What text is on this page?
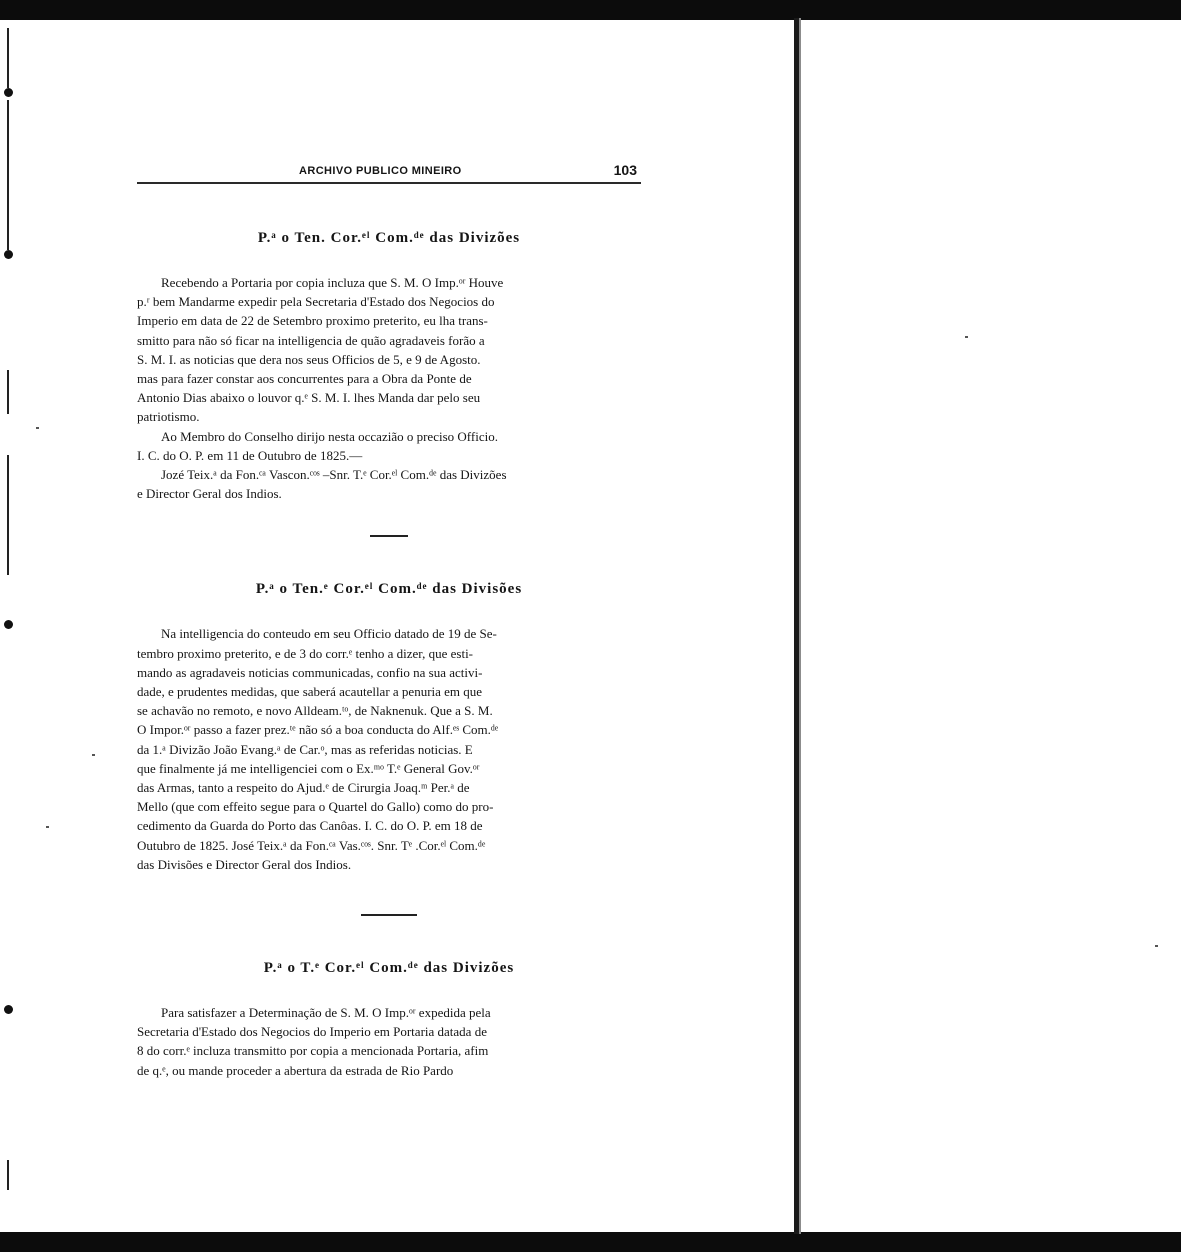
ARCHIVO PUBLICO MINEIRO	103
P.ᵃ o Ten. Cor.ᵉˡ Com.ᵈᵉ das Divizões
Recebendo a Portaria por copia incluza que S. M. O Imp.ᵒʳ Houve
p.ʳ bem Mandarme expedir pela Secretaria d'Estado dos Negocios do
Imperio em data de 22 de Setembro proximo preterito, eu lha trans-
smitto para não só ficar na intelligencia de quão agradaveis forão a
S. M. I. as noticias que dera nos seus Officios de 5, e 9 de Agosto.
mas para fazer constar aos concurrentes para a Obra da Ponte de
Antonio Dias abaixo o louvor q.ᵉ S. M. I. lhes Manda dar pelo seu
patriotismo.
Ao Membro do Conselho dirijo nesta occazião o preciso Officio.
I. C. do O. P. em 11 de Outubro de 1825.—
Jozé Teix.ᵃ da Fon.ᶜᵃ Vascon.ᶜᵒˢ –Snr. T.ᵉ Cor.ᵉˡ Com.ᵈᵉ das Divizões
e Director Geral dos Indios.
P.ᵃ o Ten.ᵉ Cor.ᵉˡ Com.ᵈᵉ das Divisões
Na intelligencia do conteudo em seu Officio datado de 19 de Se-
tembro proximo preterito, e de 3 do corr.ᵉ tenho a dizer, que esti-
mando as agradaveis noticias communicadas, confio na sua activi-
dade, e prudentes medidas, que saberá acautellar a penuria em que
se achavão no remoto, e novo Alldeam.ᵗᵒ, de Naknenuk. Que a S. M.
O Impor.ᵒʳ passo a fazer prez.ᵗᵉ não só a boa conducta do Alf.ᵉˢ Com.ᵈᵉ
da 1.ᵃ Divizão João Evang.ᵃ de Car.ᵒ, mas as referidas noticias. E
que finalmente já me intelligenciei com o Ex.ᵐᵒ T.ᵉ General Gov.ᵒʳ
das Armas, tanto a respeito do Ajud.ᵉ de Cirurgia Joaq.ᵐ Per.ᵃ de
Mello (que com effeito segue para o Quartel do Gallo) como do pro-
cedimento da Guarda do Porto das Canôas. I. C. do O. P. em 18 de
Outubro de 1825. José Teix.ᵃ da Fon.ᶜᵃ Vas.ᶜᵒˢ. Snr. Tᵉ .Cor.ᵉˡ Com.ᵈᵉ
das Divisões e Director Geral dos Indios.
P.ᵃ o T.ᵉ Cor.ᵉˡ Com.ᵈᵉ das Divizões
Para satisfazer a Determinação de S. M. O Imp.ᵒʳ expedida pela
Secretaria d'Estado dos Negocios do Imperio em Portaria datada de
8 do corr.ᵉ incluza transmitto por copia a mencionada Portaria, afim
de q.ᵉ, ou mande proceder a abertura da estrada de Rio Pardo
